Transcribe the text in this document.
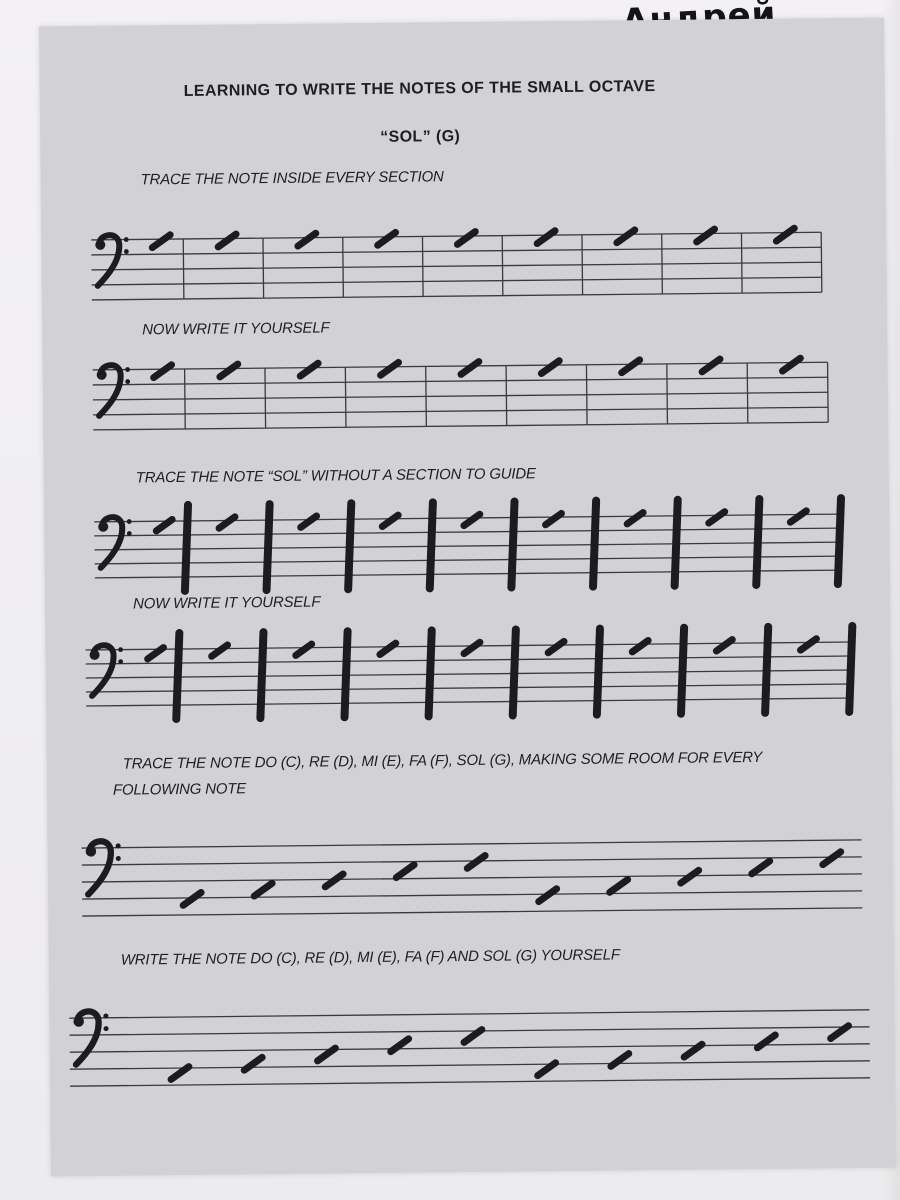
LEARNING TO WRITE THE NOTES OF THE SMALL OCTAVE
“SOL” (G)
TRACE THE NOTE INSIDE EVERY SECTION
NOW WRITE IT YOURSELF
TRACE THE NOTE “SOL” WITHOUT A SECTION TO GUIDE
NOW WRITE IT YOURSELF
TRACE THE NOTE DO (C), RE (D), MI (E), FA (F), SOL (G), MAKING SOME ROOM FOR EVERY
FOLLOWING NOTE
WRITE THE NOTE DO (C), RE (D), MI (E), FA (F) AND SOL (G) YOURSELF
